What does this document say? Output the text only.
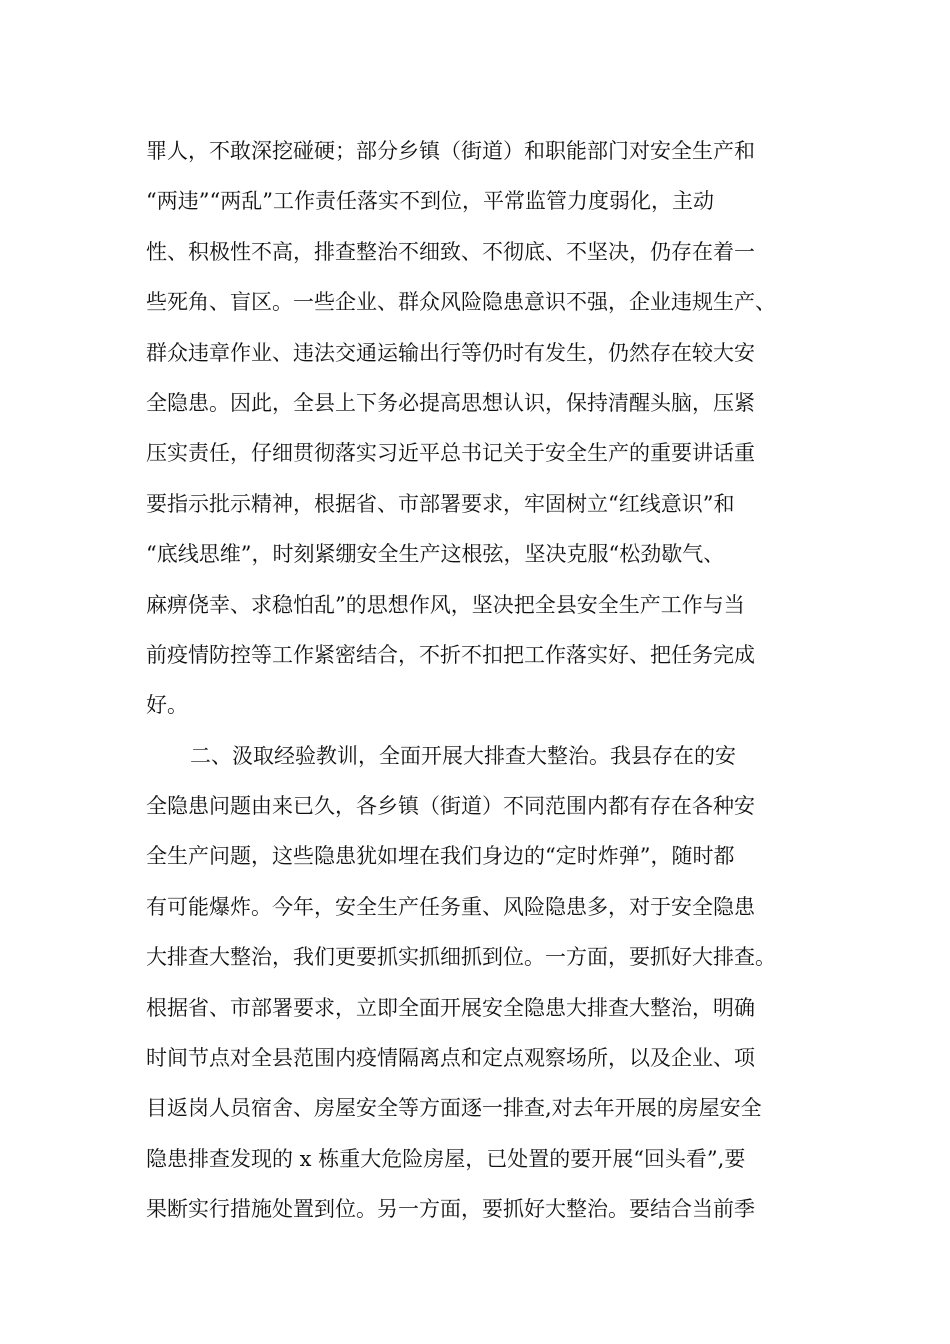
罪人，不敢深挖碰硬；部分乡镇（街道）和职能部门对安全生产和
“两违”“两乱”工作责任落实不到位，平常监管力度弱化，主动
性、积极性不高，排查整治不细致、不彻底、不坚决，仍存在着一
些死角、盲区。一些企业、群众风险隐患意识不强，企业违规生产、
群众违章作业、违法交通运输出行等仍时有发生，仍然存在较大安
全隐患。因此，全县上下务必提高思想认识，保持清醒头脑，压紧
压实责任，仔细贯彻落实习近平总书记关于安全生产的重要讲话重
要指示批示精神，根据省、市部署要求，牢固树立“红线意识”和
“底线思维”，时刻紧绷安全生产这根弦，坚决克服“松劲歇气、
麻痹侥幸、求稳怕乱”的思想作风，坚决把全县安全生产工作与当
前疫情防控等工作紧密结合，不折不扣把工作落实好、把任务完成
好。
二、汲取经验教训，全面开展大排查大整治。我县存在的安
全隐患问题由来已久，各乡镇（街道）不同范围内都有存在各种安
全生产问题，这些隐患犹如埋在我们身边的“定时炸弹”，随时都
有可能爆炸。今年，安全生产任务重、风险隐患多，对于安全隐患
大排查大整治，我们更要抓实抓细抓到位。一方面，要抓好大排查。
根据省、市部署要求，立即全面开展安全隐患大排查大整治，明确
时间节点对全县范围内疫情隔离点和定点观察场所，以及企业、项
目返岗人员宿舍、房屋安全等方面逐一排查,对去年开展的房屋安全
隐患排查发现的 x 栋重大危险房屋，已处置的要开展“回头看”,要
果断实行措施处置到位。另一方面，要抓好大整治。要结合当前季
